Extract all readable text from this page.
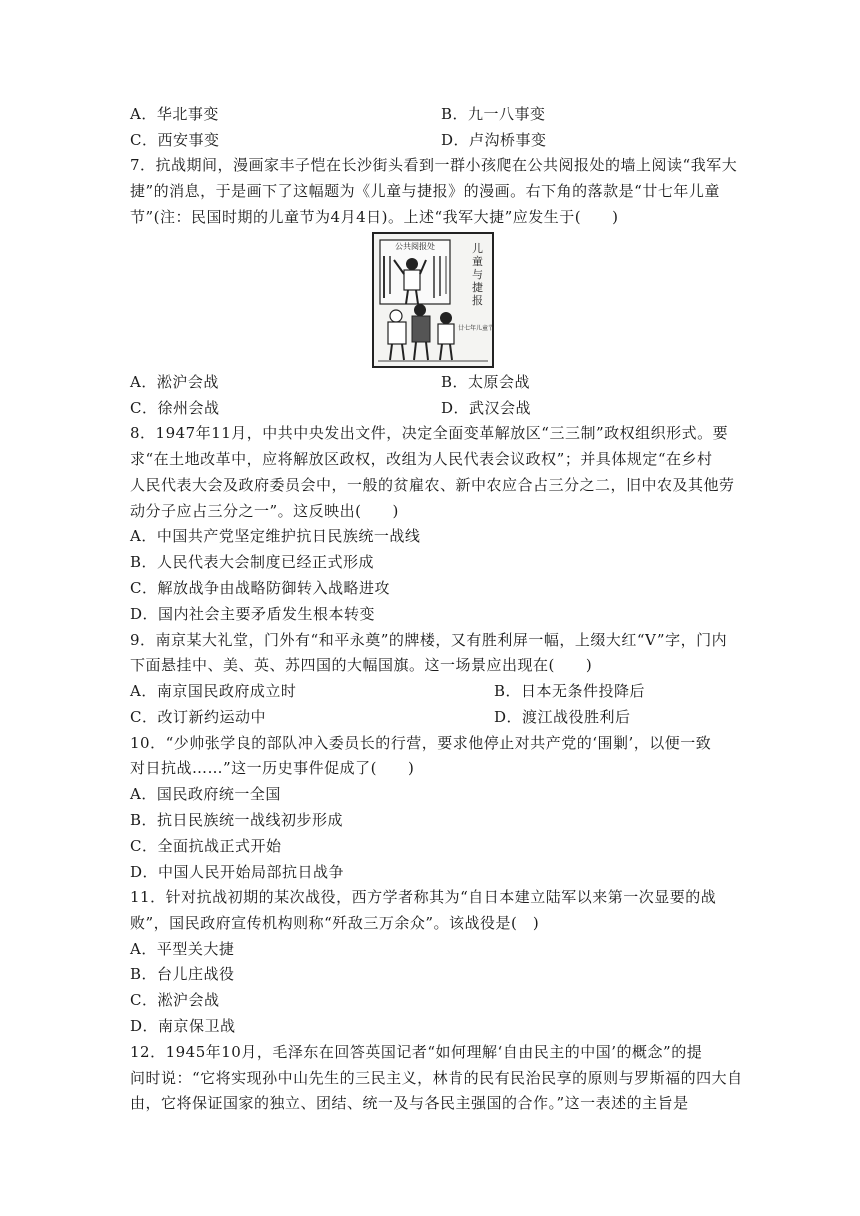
A．华北事变	B．九一八事变
C．西安事变	D．卢沟桥事变
7．抗战期间，漫画家丰子恺在长沙街头看到一群小孩爬在公共阅报处的墙上阅读“我军大
捷”的消息，于是画下了这幅题为《儿童与捷报》的漫画。右下角的落款是“廿七年儿童
节”(注：民国时期的儿童节为4月4日)。上述“我军大捷”应发生于(　　)
公共阅报处	儿童与捷报
廿七年儿童节
A．淞沪会战	B．太原会战
C．徐州会战	D．武汉会战
8．1947年11月，中共中央发出文件，决定全面变革解放区“三三制”政权组织形式。要
求“在土地改革中，应将解放区政权，改组为人民代表会议政权”；并具体规定“在乡村
人民代表大会及政府委员会中，一般的贫雇农、新中农应合占三分之二，旧中农及其他劳
动分子应占三分之一”。这反映出(　　)
A．中国共产党坚定维护抗日民族统一战线
B．人民代表大会制度已经正式形成
C．解放战争由战略防御转入战略进攻
D．国内社会主要矛盾发生根本转变
9．南京某大礼堂，门外有“和平永奠”的牌楼，又有胜利屏一幅，上缀大红“V”字，门内
下面悬挂中、美、英、苏四国的大幅国旗。这一场景应出现在(　　)
A．南京国民政府成立时	B．日本无条件投降后
C．改订新约运动中	D．渡江战役胜利后
10．“少帅张学良的部队冲入委员长的行营，要求他停止对共产党的‘围剿’，以便一致
对日抗战……”这一历史事件促成了(　　)
A．国民政府统一全国
B．抗日民族统一战线初步形成
C．全面抗战正式开始
D．中国人民开始局部抗日战争
11．针对抗战初期的某次战役，西方学者称其为“自日本建立陆军以来第一次显要的战
败”，国民政府宣传机构则称“歼敌三万余众”。该战役是(　)
A．平型关大捷
B．台儿庄战役
C．淞沪会战
D．南京保卫战
12．1945年10月，毛泽东在回答英国记者“如何理解‘自由民主的中国’的概念”的提
问时说：“它将实现孙中山先生的三民主义，林肯的民有民治民享的原则与罗斯福的四大自
由，它将保证国家的独立、团结、统一及与各民主强国的合作。”这一表述的主旨是
